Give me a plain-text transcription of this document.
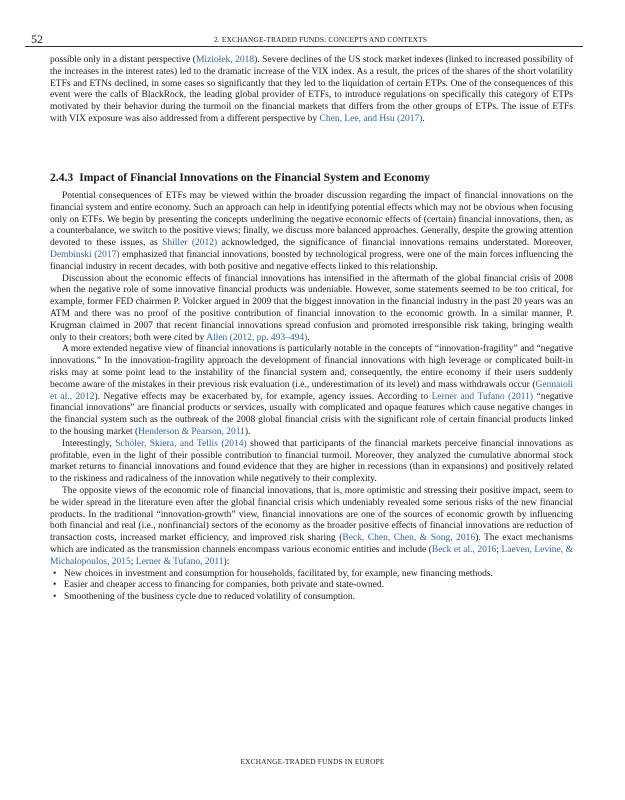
52	2. EXCHANGE-TRADED FUNDS: CONCEPTS AND CONTEXTS

possible only in a distant perspective (Miziołek, 2018). Severe declines of the US stock market indexes (linked to increased possibility of the increases in the interest rates) led to the dramatic increase of the VIX index. As a result, the prices of the shares of the short volatility ETFs and ETNs declined, in some cases so significantly that they led to the liquidation of certain ETPs. One of the consequences of this event were the calls of BlackRock, the leading global provider of ETFs, to introduce regulations on specifically this category of ETPs motivated by their behavior during the turmoil on the financial markets that differs from the other groups of ETPs. The issue of ETFs with VIX exposure was also addressed from a different perspective by Chen, Lee, and Hsu (2017).

2.4.3 Impact of Financial Innovations on the Financial System and Economy

Potential consequences of ETFs may be viewed within the broader discussion regarding the impact of financial innovations on the financial system and entire economy. Such an approach can help in identifying potential effects which may not be obvious when focusing only on ETFs. We begin by presenting the concepts underlining the negative economic effects of (certain) financial innovations, then, as a counterbalance, we switch to the positive views; finally, we discuss more balanced approaches. Generally, despite the growing attention devoted to these issues, as Shiller (2012) acknowledged, the significance of financial innovations remains understated. Moreover, Dembinski (2017) emphasized that financial innovations, boosted by technological progress, were one of the main forces influencing the financial industry in recent decades, with both positive and negative effects linked to this relationship.

Discussion about the economic effects of financial innovations has intensified in the aftermath of the global financial crisis of 2008 when the negative role of some innovative financial products was undeniable. However, some statements seemed to be too critical, for example, former FED chairmen P. Volcker argued in 2009 that the biggest innovation in the financial industry in the past 20 years was an ATM and there was no proof of the positive contribution of financial innovation to the economic growth. In a similar manner, P. Krugman claimed in 2007 that recent financial innovations spread confusion and promoted irresponsible risk taking, bringing wealth only to their creators; both were cited by Allen (2012, pp. 493–494).

A more extended negative view of financial innovations is particularly notable in the concepts of “innovation-fragility” and “negative innovations.” In the innovation-fragility approach the development of financial innovations with high leverage or complicated built-in risks may at some point lead to the instability of the financial system and, consequently, the entire economy if their users suddenly become aware of the mistakes in their previous risk evaluation (i.e., underestimation of its level) and mass withdrawals occur (Gennaioli et al., 2012). Negative effects may be exacerbated by, for example, agency issues. According to Lerner and Tufano (2011) “negative financial innovations” are financial products or services, usually with complicated and opaque features which cause negative changes in the financial system such as the outbreak of the 2008 global financial crisis with the significant role of certain financial products linked to the housing market (Henderson & Pearson, 2011).

Interestingly, Schöler, Skiera, and Tellis (2014) showed that participants of the financial markets perceive financial innovations as profitable, even in the light of their possible contribution to financial turmoil. Moreover, they analyzed the cumulative abnormal stock market returns to financial innovations and found evidence that they are higher in recessions (than in expansions) and positively related to the riskiness and radicalness of the innovation while negatively to their complexity.

The opposite views of the economic role of financial innovations, that is, more optimistic and stressing their positive impact, seem to be wider spread in the literature even after the global financial crisis which undeniably revealed some serious risks of the new financial products. In the traditional “innovation-growth” view, financial innovations are one of the sources of economic growth by influencing both financial and real (i.e., nonfinancial) sectors of the economy as the broader positive effects of financial innovations are reduction of transaction costs, increased market efficiency, and improved risk sharing (Beck, Chen, Chen, & Song, 2016). The exact mechanisms which are indicated as the transmission channels encompass various economic entities and include (Beck et al., 2016; Laeven, Levine, & Michalopoulos, 2015; Lerner & Tufano, 2011):

• New choices in investment and consumption for households, facilitated by, for example, new financing methods.
• Easier and cheaper access to financing for companies, both private and state-owned.
• Smoothening of the business cycle due to reduced volatility of consumption.
EXCHANGE-TRADED FUNDS IN EUROPE
